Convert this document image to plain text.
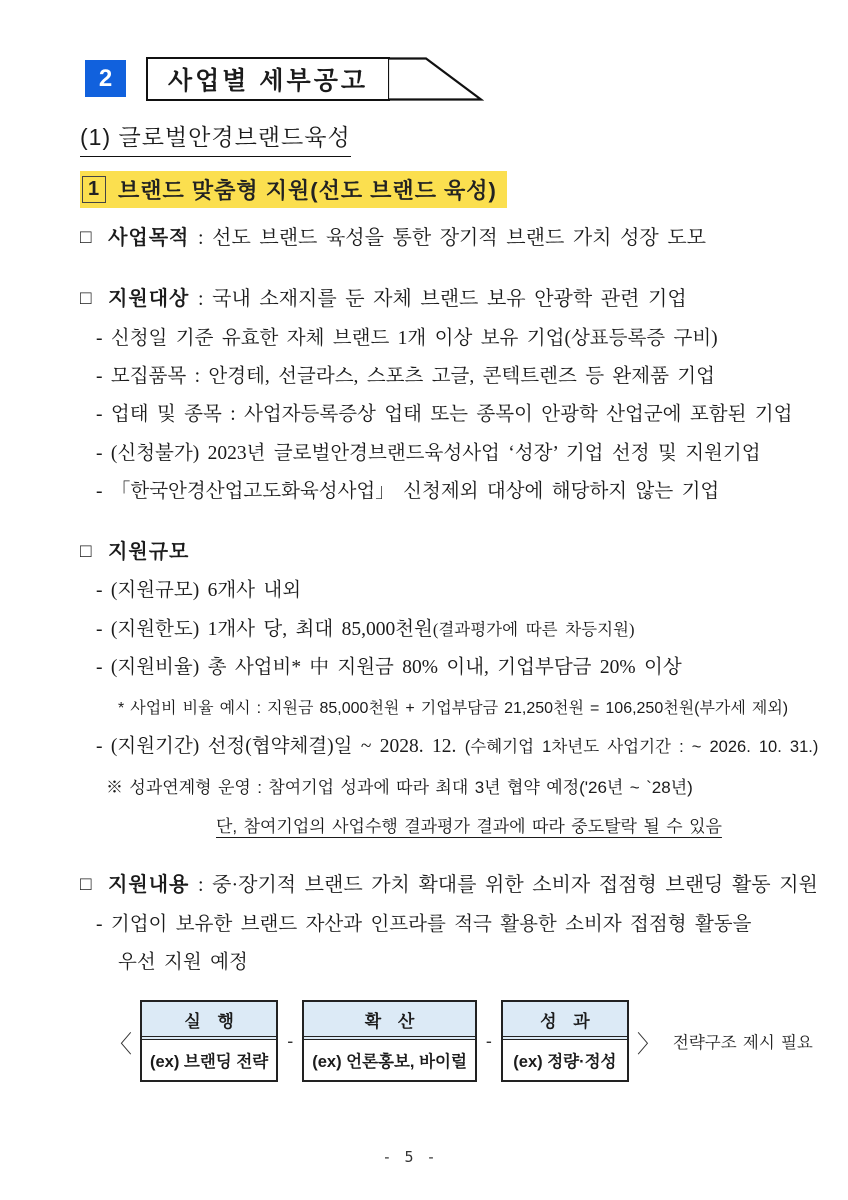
2	사업별 세부공고
(1) 글로벌안경브랜드육성
1 브랜드 맞춤형 지원(선도 브랜드 육성)

□ 사업목적 : 선도 브랜드 육성을 통한 장기적 브랜드 가치 성장 도모

□ 지원대상 : 국내 소재지를 둔 자체 브랜드 보유 안광학 관련 기업

- 신청일 기준 유효한 자체 브랜드 1개 이상 보유 기업(상표등록증 구비)

- 모집품목 : 안경테, 선글라스, 스포츠 고글, 콘텍트렌즈 등 완제품 기업

- 업태 및 종목 : 사업자등록증상 업태 또는 종목이 안광학 산업군에 포함된 기업

- (신청불가) 2023년 글로벌안경브랜드육성사업 ‘성장’ 기업 선정 및 지원기업

- 「한국안경산업고도화육성사업」 신청제외 대상에 해당하지 않는 기업

□ 지원규모

- (지원규모) 6개사 내외

- (지원한도) 1개사 당, 최대 85,000천원(결과평가에 따른 차등지원)

- (지원비율) 총 사업비* 中 지원금 80% 이내, 기업부담금 20% 이상

* 사업비 비율 예시 : 지원금 85,000천원 + 기업부담금 21,250천원 = 106,250천원(부가세 제외)

- (지원기간) 선정(협약체결)일 ~ 2028. 12. (수혜기업 1차년도 사업기간 : ~ 2026. 10. 31.)

※ 성과연계형 운영 : 참여기업 성과에 따라 최대 3년 협약 예정('26년 ~ `28년)

단, 참여기업의 사업수행 결과평가 결과에 따라 중도탈락 될 수 있음

□ 지원내용 : 중·장기적 브랜드 가치 확대를 위한 소비자 접점형 브랜딩 활동 지원

- 기업이 보유한 브랜드 자산과 인프라를 적극 활용한 소비자 접점형 활동을

우선 지원 예정

〈
실 행
(ex) 브랜딩 전략
-
확 산
(ex) 언론홍보, 바이럴
-
성 과
(ex) 정량·정성
〉 전략구조 제시 필요
- 5 -
